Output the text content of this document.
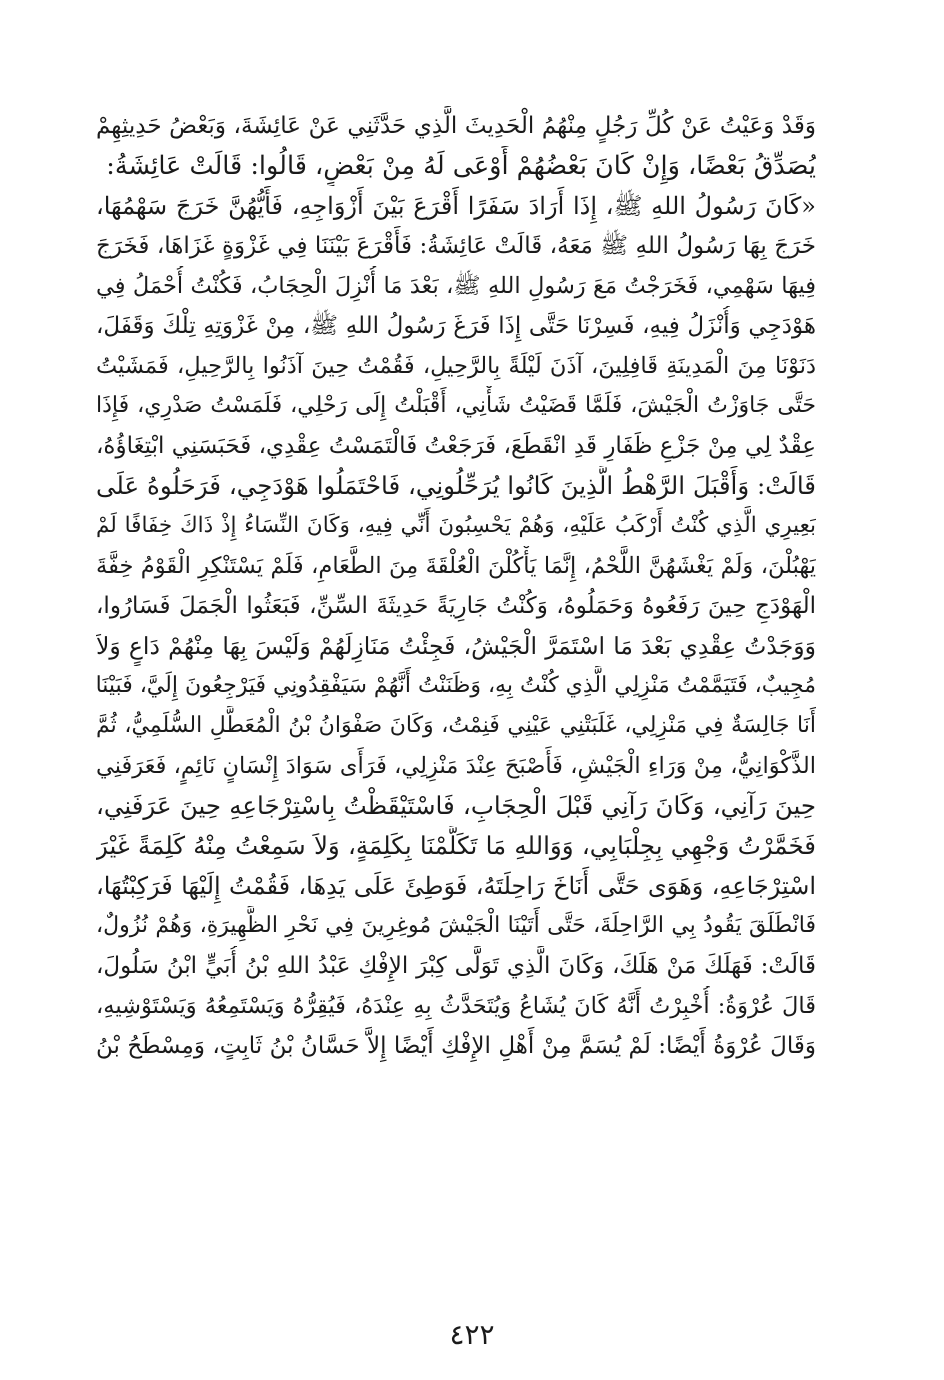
وَقَدْ وَعَيْتُ عَنْ كُلِّ رَجُلٍ مِنْهُمُ الْحَدِيثَ الَّذِي حَدَّثَنِي عَنْ عَائِشَةَ، وَبَعْضُ حَدِيثِهِمْ
يُصَدِّقُ بَعْضًا، وَإِنْ كَانَ بَعْضُهُمْ أَوْعَى لَهُ مِنْ بَعْضٍ، قَالُوا: قَالَتْ عَائِشَةُ:
«كَانَ رَسُولُ اللهِ ﷺ، إِذَا أَرَادَ سَفَرًا أَقْرَعَ بَيْنَ أَزْوَاجِهِ، فَأَيُّهُنَّ خَرَجَ سَهْمُهَا،
خَرَجَ بِهَا رَسُولُ اللهِ ﷺ مَعَهُ، قَالَتْ عَائِشَةُ: فَأَقْرَعَ بَيْنَنَا فِي غَزْوَةٍ غَزَاهَا، فَخَرَجَ
فِيهَا سَهْمِي، فَخَرَجْتُ مَعَ رَسُولِ اللهِ ﷺ، بَعْدَ مَا أُنْزِلَ الْحِجَابُ، فَكُنْتُ أُحْمَلُ فِي
هَوْدَجِي وَأُنْزَلُ فِيهِ، فَسِرْنَا حَتَّى إِذَا فَرَغَ رَسُولُ اللهِ ﷺ، مِنْ غَزْوَتِهِ تِلْكَ وَقَفَلَ،
دَنَوْنَا مِنَ الْمَدِينَةِ قَافِلِينَ، آذَنَ لَيْلَةً بِالرَّحِيلِ، فَقُمْتُ حِينَ آذَنُوا بِالرَّحِيلِ، فَمَشَيْتُ
حَتَّى جَاوَزْتُ الْجَيْشَ، فَلَمَّا قَضَيْتُ شَأْنِي، أَقْبَلْتُ إِلَى رَحْلِي، فَلَمَسْتُ صَدْرِي، فَإِذَا
عِقْدٌ لِي مِنْ جَزْعِ ظَفَارِ قَدِ انْقَطَعَ، فَرَجَعْتُ فَالْتَمَسْتُ عِقْدِي، فَحَبَسَنِي ابْتِغَاؤُهُ،
قَالَتْ: وَأَقْبَلَ الرَّهْطُ الَّذِينَ كَانُوا يُرَحِّلُونِي، فَاحْتَمَلُوا هَوْدَجِي، فَرَحَلُوهُ عَلَى
بَعِيرِي الَّذِي كُنْتُ أَرْكَبُ عَلَيْهِ، وَهُمْ يَحْسِبُونَ أَنِّي فِيهِ، وَكَانَ النِّسَاءُ إِذْ ذَاكَ خِفَافًا لَمْ
يَهْبُلْنَ، وَلَمْ يَغْشَهُنَّ اللَّحْمُ، إِنَّمَا يَأْكُلْنَ الْعُلْقَةَ مِنَ الطَّعَامِ، فَلَمْ يَسْتَنْكِرِ الْقَوْمُ خِفَّةَ
الْهَوْدَجِ حِينَ رَفَعُوهُ وَحَمَلُوهُ، وَكُنْتُ جَارِيَةً حَدِيثَةَ السِّنِّ، فَبَعَثُوا الْجَمَلَ فَسَارُوا،
وَوَجَدْتُ عِقْدِي بَعْدَ مَا اسْتَمَرَّ الْجَيْشُ، فَجِئْتُ مَنَازِلَهُمْ وَلَيْسَ بِهَا مِنْهُمْ دَاعٍ وَلاَ
مُجِيبٌ، فَتَيَمَّمْتُ مَنْزِلِي الَّذِي كُنْتُ بِهِ، وَظَنَنْتُ أَنَّهُمْ سَيَفْقِدُونِي فَيَرْجِعُونَ إِلَيَّ، فَبَيْنَا
أَنَا جَالِسَةٌ فِي مَنْزِلِي، غَلَبَتْنِي عَيْنِي فَنِمْتُ، وَكَانَ صَفْوَانُ بْنُ الْمُعَطَّلِ السُّلَمِيُّ، ثُمَّ
الذَّكْوَانِيُّ، مِنْ وَرَاءِ الْجَيْشِ، فَأَصْبَحَ عِنْدَ مَنْزِلِي، فَرَأَى سَوَادَ إِنْسَانٍ نَائِمٍ، فَعَرَفَنِي
حِينَ رَآنِي، وَكَانَ رَآنِي قَبْلَ الْحِجَابِ، فَاسْتَيْقَظْتُ بِاسْتِرْجَاعِهِ حِينَ عَرَفَنِي،
فَخَمَّرْتُ وَجْهِي بِجِلْبَابِي، وَوَاللهِ مَا تَكَلَّمْنَا بِكَلِمَةٍ، وَلاَ سَمِعْتُ مِنْهُ كَلِمَةً غَيْرَ
اسْتِرْجَاعِهِ، وَهَوَى حَتَّى أَنَاخَ رَاحِلَتَهُ، فَوَطِئَ عَلَى يَدِهَا، فَقُمْتُ إِلَيْهَا فَرَكِبْتُهَا،
فَانْطَلَقَ يَقُودُ بِي الرَّاحِلَةَ، حَتَّى أَتَيْنَا الْجَيْشَ مُوغِرِينَ فِي نَحْرِ الظَّهِيرَةِ، وَهُمْ نُزُولٌ،
قَالَتْ: فَهَلَكَ مَنْ هَلَكَ، وَكَانَ الَّذِي تَوَلَّى كِبْرَ الإِفْكِ عَبْدُ اللهِ بْنُ أُبَيٍّ ابْنُ سَلُولَ،
قَالَ عُرْوَةُ: أُخْبِرْتُ أَنَّهُ كَانَ يُشَاعُ وَيُتَحَدَّثُ بِهِ عِنْدَهُ، فَيُقِرُّهُ وَيَسْتَمِعُهُ وَيَسْتَوْشِيهِ،
وَقَالَ عُرْوَةُ أَيْضًا: لَمْ يُسَمَّ مِنْ أَهْلِ الإِفْكِ أَيْضًا إِلاَّ حَسَّانُ بْنُ ثَابِتٍ، وَمِسْطَحُ بْنُ
٤٢٢
